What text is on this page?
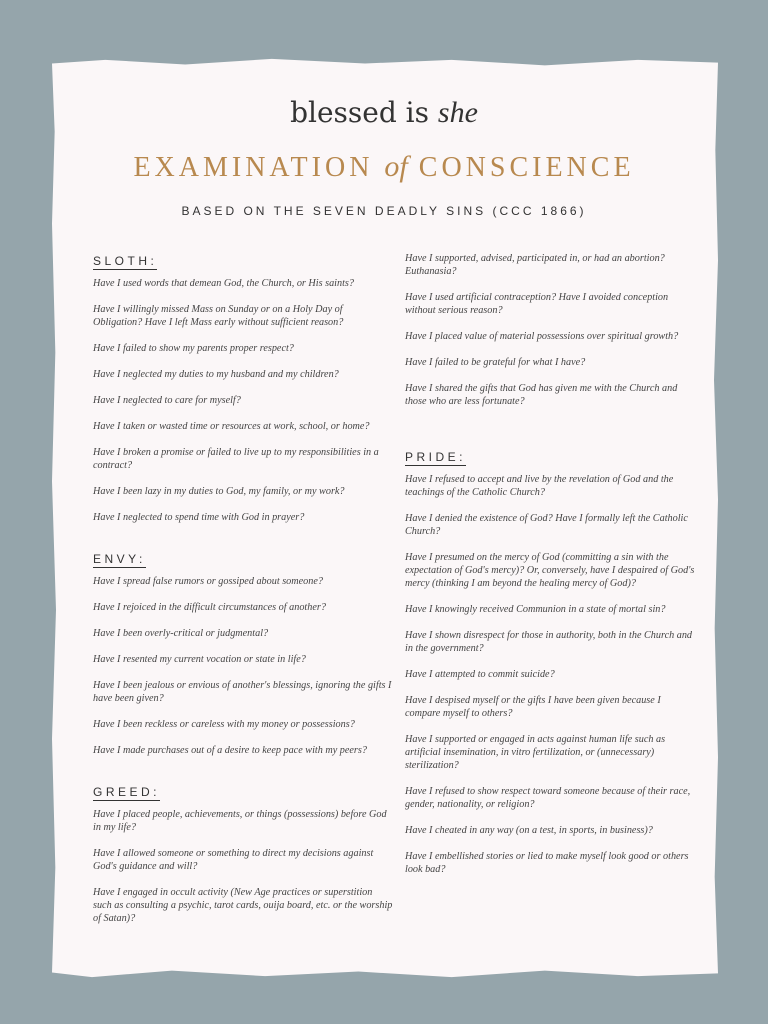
blessed is she
EXAMINATION of CONSCIENCE
BASED ON THE SEVEN DEADLY SINS (CCC 1866)
SLOTH:

Have I used words that demean God, the Church, or His saints?

Have I willingly missed Mass on Sunday or on a Holy Day of Obligation? Have I left Mass early without sufficient reason?

Have I failed to show my parents proper respect?

Have I neglected my duties to my husband and my children?

Have I neglected to care for myself?

Have I taken or wasted time or resources at work, school, or home?

Have I broken a promise or failed to live up to my responsibilities in a contract?

Have I been lazy in my duties to God, my family, or my work?

Have I neglected to spend time with God in prayer?

ENVY:

Have I spread false rumors or gossiped about someone?

Have I rejoiced in the difficult circumstances of another?

Have I been overly-critical or judgmental?

Have I resented my current vocation or state in life?

Have I been jealous or envious of another's blessings, ignoring the gifts I have been given?

Have I been reckless or careless with my money or possessions?

Have I made purchases out of a desire to keep pace with my peers?

GREED:

Have I placed people, achievements, or things (possessions) before God in my life?

Have I allowed someone or something to direct my decisions against God's guidance and will?

Have I engaged in occult activity (New Age practices or superstition such as consulting a psychic, tarot cards, ouija board, etc. or the worship of Satan)?

Have I supported, advised, participated in, or had an abortion? Euthanasia?

Have I used artificial contraception? Have I avoided conception without serious reason?

Have I placed value of material possessions over spiritual growth?

Have I failed to be grateful for what I have?

Have I shared the gifts that God has given me with the Church and those who are less fortunate?

PRIDE:

Have I refused to accept and live by the revelation of God and the teachings of the Catholic Church?

Have I denied the existence of God? Have I formally left the Catholic Church?

Have I presumed on the mercy of God (committing a sin with the expectation of God's mercy)? Or, conversely, have I despaired of God's mercy (thinking I am beyond the healing mercy of God)?

Have I knowingly received Communion in a state of mortal sin?

Have I shown disrespect for those in authority, both in the Church and in the government?

Have I attempted to commit suicide?

Have I despised myself or the gifts I have been given because I compare myself to others?

Have I supported or engaged in acts against human life such as artificial insemination, in vitro fertilization, or (unnecessary) sterilization?

Have I refused to show respect toward someone because of their race, gender, nationality, or religion?

Have I cheated in any way (on a test, in sports, in business)?

Have I embellished stories or lied to make myself look good or others look bad?
